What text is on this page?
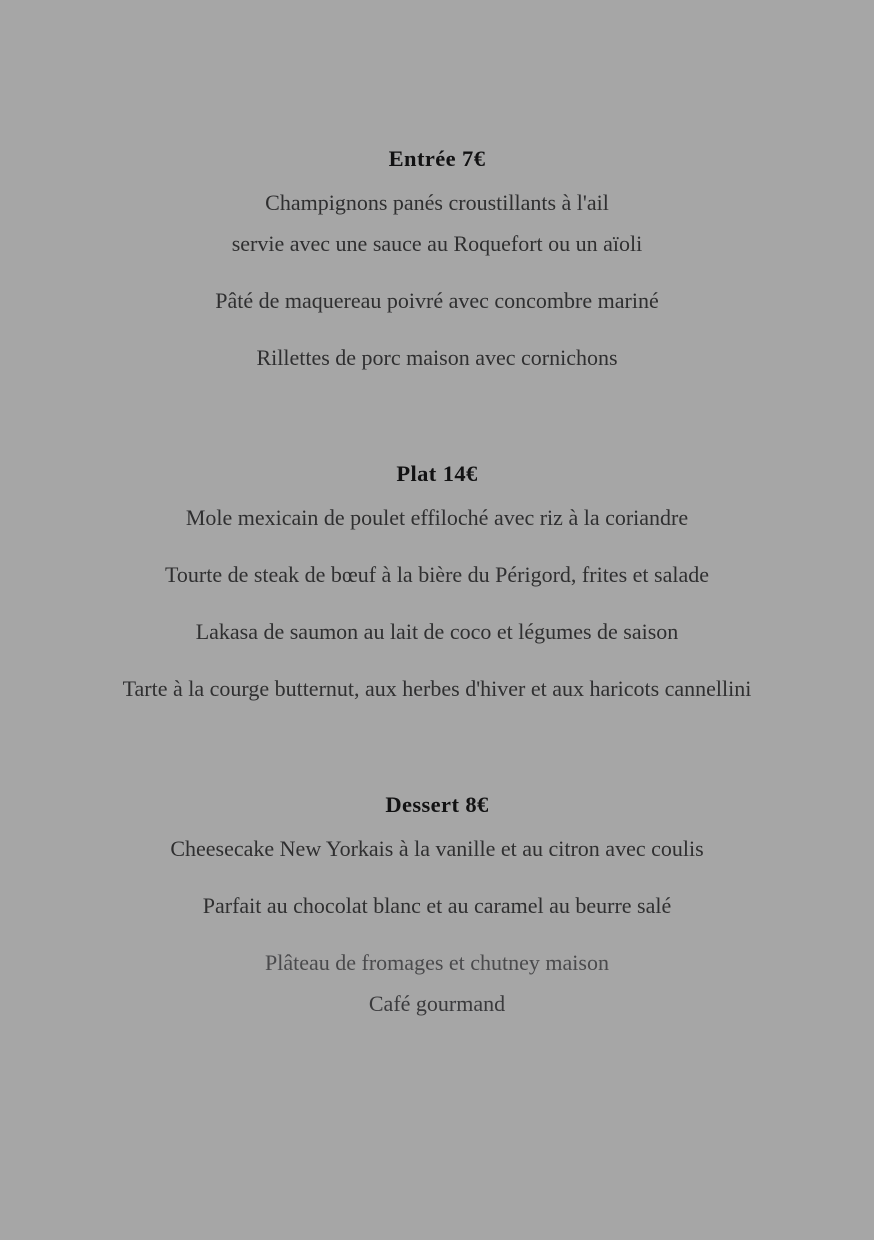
Entrée 7€

Champignons panés croustillants à l'ail

servie avec une sauce au Roquefort ou un aïoli

Pâté de maquereau poivré avec concombre mariné

Rillettes de porc maison avec cornichons

Plat 14€

Mole mexicain de poulet effiloché avec riz à la coriandre

Tourte de steak de bœuf à la bière du Périgord, frites et salade

Lakasa de saumon au lait de coco et légumes de saison

Tarte à la courge butternut, aux herbes d'hiver et aux haricots cannellini

Dessert 8€

Cheesecake New Yorkais à la vanille et au citron avec coulis

Parfait au chocolat blanc et au caramel au beurre salé

Plâteau de fromages et chutney maison

Café gourmand
